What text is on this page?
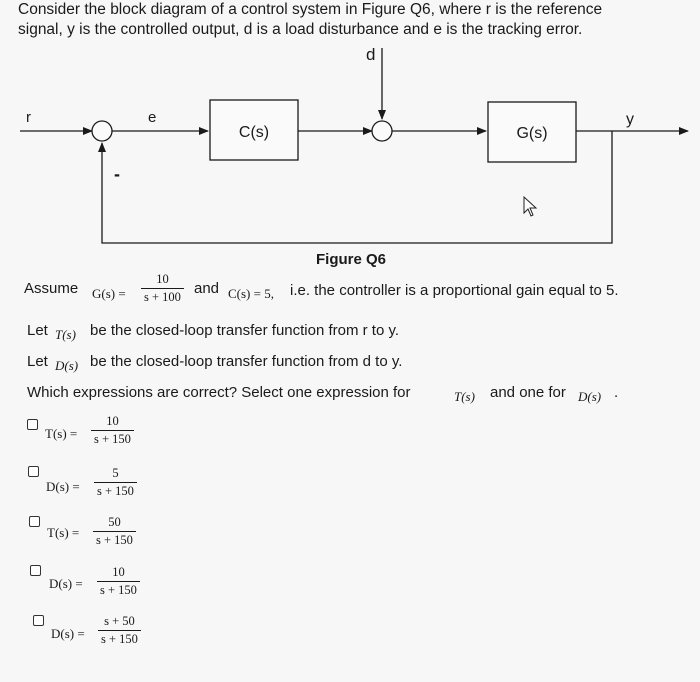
Consider the block diagram of a control system in Figure Q6, where r is the reference
signal, y is the controlled output, d is a load disturbance and e is the tracking error.
d
r	e	y
-
C(s)	G(s)
Figure Q6
Assume G(s) =
10
s + 100 and C(s) = 5, i.e. the controller is a proportional gain equal to 5.
Let T(s) be the closed-loop transfer function from r to y.
Let D(s) be the closed-loop transfer function from d to y.
Which expressions are correct? Select one expression for	T(s) and one for D(s) .
T(s) =
10
s + 150
D(s) =
5
s + 150
T(s) =
50
s + 150
D(s) =
10
s + 150
D(s) =
s + 50
s + 150
